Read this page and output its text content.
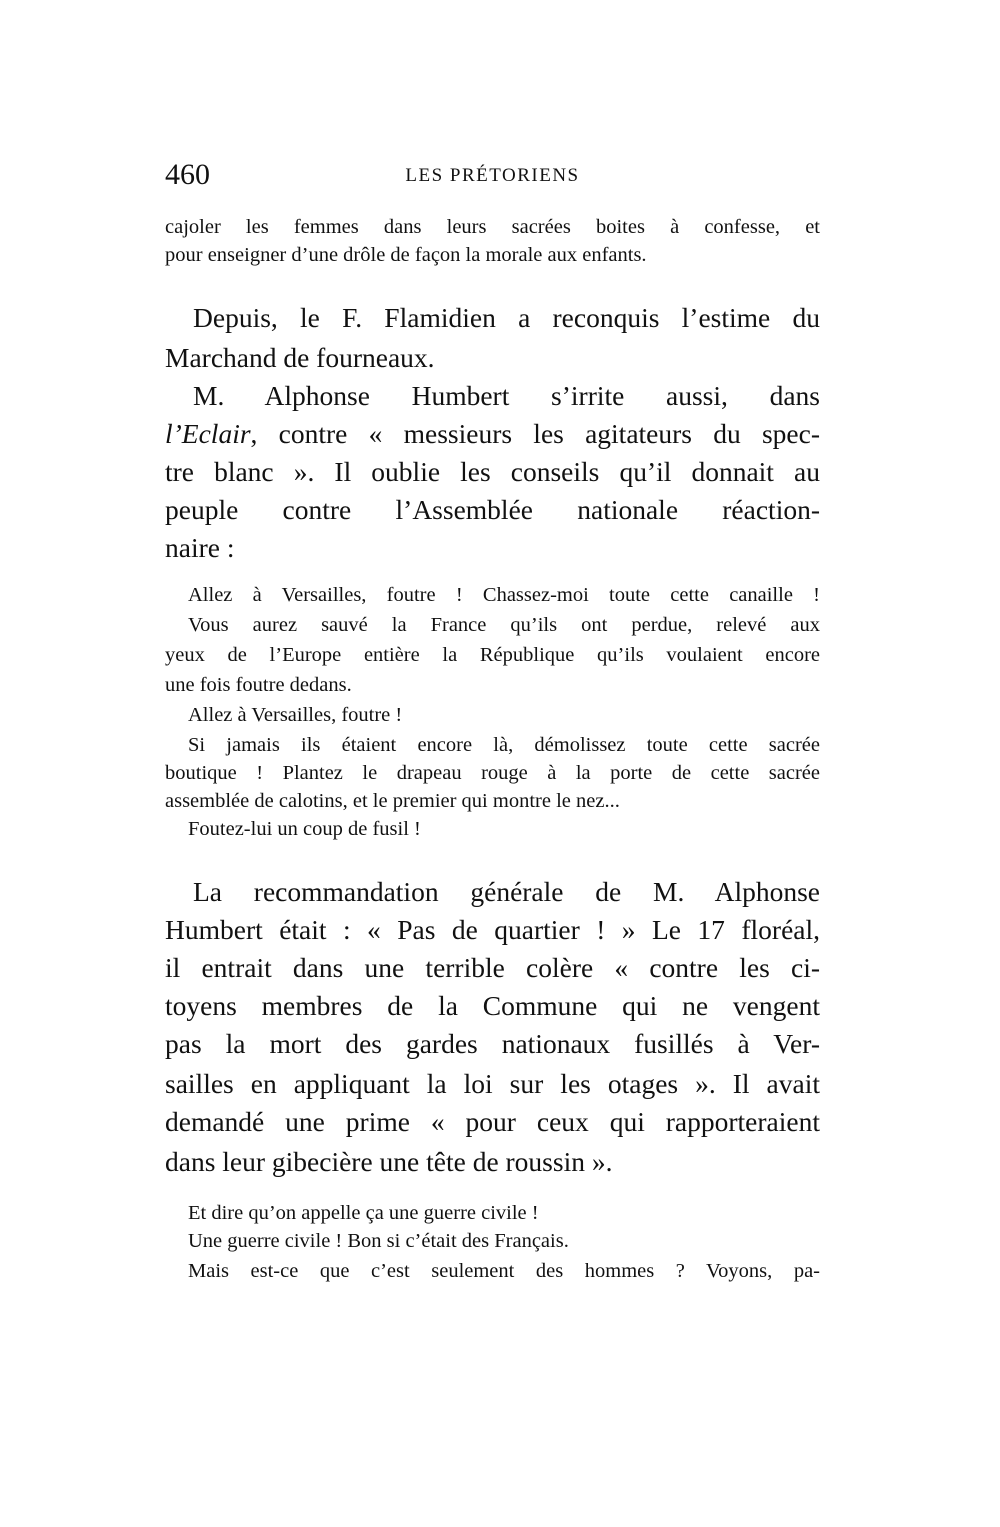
460	LES PRÉTORIENS
cajoler les femmes dans leurs sacrées boites à confesse, et
pour enseigner d’une drôle de façon la morale aux enfants.
Depuis, le F. Flamidien a reconquis l’estime du
Marchand de fourneaux.
M. Alphonse Humbert s’irrite aussi, dans
l’Eclair, contre « messieurs les agitateurs du spec-
tre blanc ». Il oublie les conseils qu’il donnait au
peuple contre l’Assemblée nationale réaction-
naire :
Allez à Versailles, foutre ! Chassez-moi toute cette canaille !
Vous aurez sauvé la France qu’ils ont perdue, relevé aux
yeux de l’Europe entière la République qu’ils voulaient encore
une fois foutre dedans.
Allez à Versailles, foutre !
Si jamais ils étaient encore là, démolissez toute cette sacrée
boutique ! Plantez le drapeau rouge à la porte de cette sacrée
assemblée de calotins, et le premier qui montre le nez...
Foutez-lui un coup de fusil !
La recommandation générale de M. Alphonse
Humbert était : « Pas de quartier ! » Le 17 floréal,
il entrait dans une terrible colère « contre les ci-
toyens membres de la Commune qui ne vengent
pas la mort des gardes nationaux fusillés à Ver-
sailles en appliquant la loi sur les otages ». Il avait
demandé une prime « pour ceux qui rapporteraient
dans leur gibecière une tête de roussin ».
Et dire qu’on appelle ça une guerre civile !
Une guerre civile ! Bon si c’était des Français.
Mais est-ce que c’est seulement des hommes ? Voyons, pa-
